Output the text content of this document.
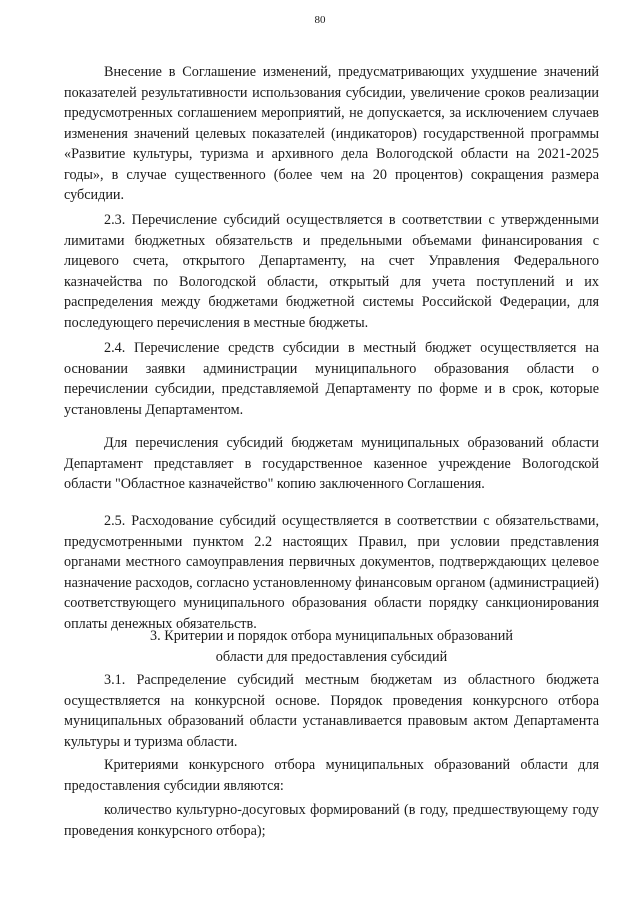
80

Внесение в Соглашение изменений, предусматривающих ухудшение значений показателей результативности использования субсидии, увеличение сроков реализации предусмотренных соглашением мероприятий, не допускается, за исключением случаев изменения значений целевых показателей (индикаторов) государственной программы «Развитие культуры, туризма и архивного дела Вологодской области на 2021-2025 годы», в случае существенного (более чем на 20 процентов) сокращения размера субсидии.

2.3. Перечисление субсидий осуществляется в соответствии с утвержденными лимитами бюджетных обязательств и предельными объемами финансирования с лицевого счета, открытого Департаменту, на счет Управления Федерального казначейства по Вологодской области, открытый для учета поступлений и их распределения между бюджетами бюджетной системы Российской Федерации, для последующего перечисления в местные бюджеты.

2.4. Перечисление средств субсидии в местный бюджет осуществляется на основании заявки администрации муниципального образования области о перечислении субсидии, представляемой Департаменту по форме и в срок, которые установлены Департаментом.

Для перечисления субсидий бюджетам муниципальных образований области Департамент представляет в государственное казенное учреждение Вологодской области "Областное казначейство" копию заключенного Соглашения.

2.5. Расходование субсидий осуществляется в соответствии с обязательствами, предусмотренными пунктом 2.2 настоящих Правил, при условии представления органами местного самоуправления первичных документов, подтверждающих целевое назначение расходов, согласно установленному финансовым органом (администрацией) соответствующего муниципального образования области порядку санкционирования оплаты денежных обязательств.

3. Критерии и порядок отбора муниципальных образований
области для предоставления субсидий

3.1. Распределение субсидий местным бюджетам из областного бюджета осуществляется на конкурсной основе. Порядок проведения конкурсного отбора муниципальных образований области устанавливается правовым актом Департамента культуры и туризма области.

Критериями конкурсного отбора муниципальных образований области для предоставления субсидии являются:

количество культурно-досуговых формирований (в году, предшествующему году проведения конкурсного отбора);
